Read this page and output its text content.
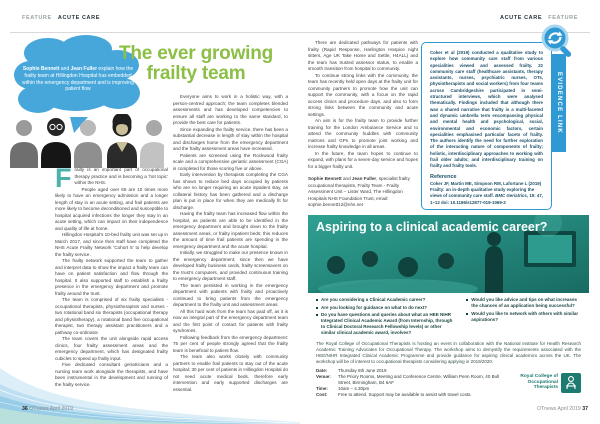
FEATURE ACUTE CARE	ACUTE CARE FEATURE
Sophie Bennett and Jean Fuller explain how the frailty team at Hillingdon Hospital has embedded within the emergency department and is improving patient flow
The ever growing
frailty team

Frailty is an important part of occupational therapy practice and is becoming a ‘hot topic’ within the NHS.

People aged over 65 are 10 times more likely to have an emergency admission and a longer length of stay in an acute setting, and frail patients are more likely to become deconditioned and susceptible to hospital acquired infections the longer they stay in an acute setting, which can impact on their independence and quality of life at home.

Hillingdon Hospital’s 10-bed frailty unit was set up in March 2017, and since then staff have completed the NHS Acute Frailty Network ‘Cohort 5’ to help develop the frailty service.

The frailty network supported the team to gather and interpret data to show the impact a frailty team can have on patient satisfaction and flow through the hospital. It also supported staff to establish a frailty presence in the emergency department and promote frailty around the trust.

The team is comprised of six frailty specialists - occupational therapists, physiotherapists and nurses - two rotational band six therapists (occupational therapy and physiotherapy), a rotational band five occupational therapist, two therapy assistant practitioners and a pathway co-ordinator.

The team covers the unit alongside rapid access clinics, four frailty assessment areas and the emergency department, which has designated frailty cubicles to speed up frailty input.

Five dedicated consultant geriatricians and a nursing team work alongside the therapists, and have been instrumental in the development and running of the frailty service.

Everyone aims to work in a holistic way, with a person-centred approach; the team completes blended assessments and has developed competencies to ensure all staff are working to the same standard, to provide the best care for patients.

Since expanding the frailty service, there has been a substantial decrease in length of stay within the hospital and discharges home from the emergency department and the frailty assessment areas have increased.

Patients are screened using the Rockwood frailty scale and a comprehensive geriatric assessment (CGA) is completed for those scoring five or above.

Early intervention by therapists completing the CGA has shown to reduce bed days occupied by patients who are no longer requiring an acute inpatient stay, as collateral history has been gathered and a discharge plan is put in place for when they are medically fit for discharge.

Having the frailty team has increased flow within the hospital, as patients are able to be identified in the emergency department and brought down to the frailty assessment areas, or frailty inpatient beds; this reduces the amount of time frail patients are spending in the emergency department and the acute hospital.

Initially, we struggled to make our presence known in the emergency department; since then we have developed frailty business cards, frailty screensavers on the trust’s computers, and provided continuous training to emergency department staff.

The team persisted in working in the emergency department with patients with frailty and proactively continued to bring patients from the emergency department to the frailty unit and assessment areas.

All this hard work from the team has paid off, as it is now an integral part of the emergency department team and the first point of contact for patients with frailty syndromes.

Following feedback from the emergency department: 75 per cent of people strongly agreed that the frailty team is beneficial to patient flow.

The team also works closely with community partners to enable frail patients to stay out of the acute hospital; 30 per cent of patients in Hillingdon Hospital do not need acute medical beds, therefore early intervention and early supported discharges are essential.

There are dedicated pathways for patients with frailty (Rapid Response, Harlington Hospice night sitters, Age UK Take Home and Settle, H4ALL) and the team has trusted assessor status, to enable a smooth transition from hospital to community.

To continue strong links with the community, the team has recently held open days at the frailty unit for community partners to promote how the unit can support the community, with a focus on the rapid access clinics and procedure days, and also to form strong links between the community and acute settings.

An aim is for the frailty team to provide further training for the London Ambulance Service and to attend the community huddles with community matrons and GPs to promote joint working and increase frailty knowledge in all areas.

In the future, the team hopes to continue to expand, with plans for a seven-day service and hopes for a bigger frailty unit.

Sophie Bennett and Jean Fuller, specialist frailty occupational therapists, Frailty Team - Frailty Assessment Unit – Lister Ward, The Hillingdon Hospitals NHS Foundation Trust, email: sophie.bennett12@nhs.net

Coker et al (2019) conducted a qualitative study to explore how community care staff from various specialities viewed and assessed frailty. 22 community care staff (healthcare assistants, therapy assistants, nurses, psychiatric nurses, OTs, physiotherapists and social workers) from four teams across Cambridgeshire participated in semi-structured interviews, which were analysed thematically. Findings included that although there was a shared narrative that frailty is a multi-faceted and dynamic umbrella term encompassing physical and mental health and psychological, social, environmental and economic factors, certain specialities emphasised particular facets of frailty. The authors identify the need for further exploration of the interacting nature of components of frailty; holistic, interdisciplinary approaches to working with frail older adults; and interdisciplinary training on frailty and frailty tools.

Reference

Coker JF, Martin ME, Simpson RM, Lafortune L (2019) Frailty: an in-depth qualitative study exploring the views of community care staff. BMC Geriatrics, 19: 47, 1–12 doi: 10.1186/s12877-019-1069-3

EVIDENCE LINK
Aspiring to a clinical academic career?
Are you considering a Clinical Academic career?
Are you looking for guidance on what to do next?
Do you have questions and queries about what an HEE NIHR Integrated Clinical Academic Award (from Internship, through to Clinical Doctoral Research Fellowship levels) or other similar clinical academic award, involves?
Would you like advice and tips on what increases the chances of an application being successful?
Would you like to network with others with similar aspirations?

The Royal College of Occupational Therapists is hosting an event in collaboration with the National Institute for Health Research Academic Training Advocates for Occupational Therapy. The workshop aims to demystify the requirements associated with the HEE/NIHR Integrated Clinical Academic Programme and provide guidance for aspiring clinical academics across the UK. The workshop will be of interest to occupational therapists considering applying in 2019/2020.

Date:	Thursday 6th June 2019
Venue:	The Priory Rooms, Meeting and Conference Centre, William Penn Room, 40 Bull Street, Birmingham, B4 6AF
Time:	10am – 4.30pm
Cost:	Free to attend. Support may be available to assist with travel costs.
Royal College of Occupational Therapists
36 OTnews April 2019	OTnews April 2019 37
